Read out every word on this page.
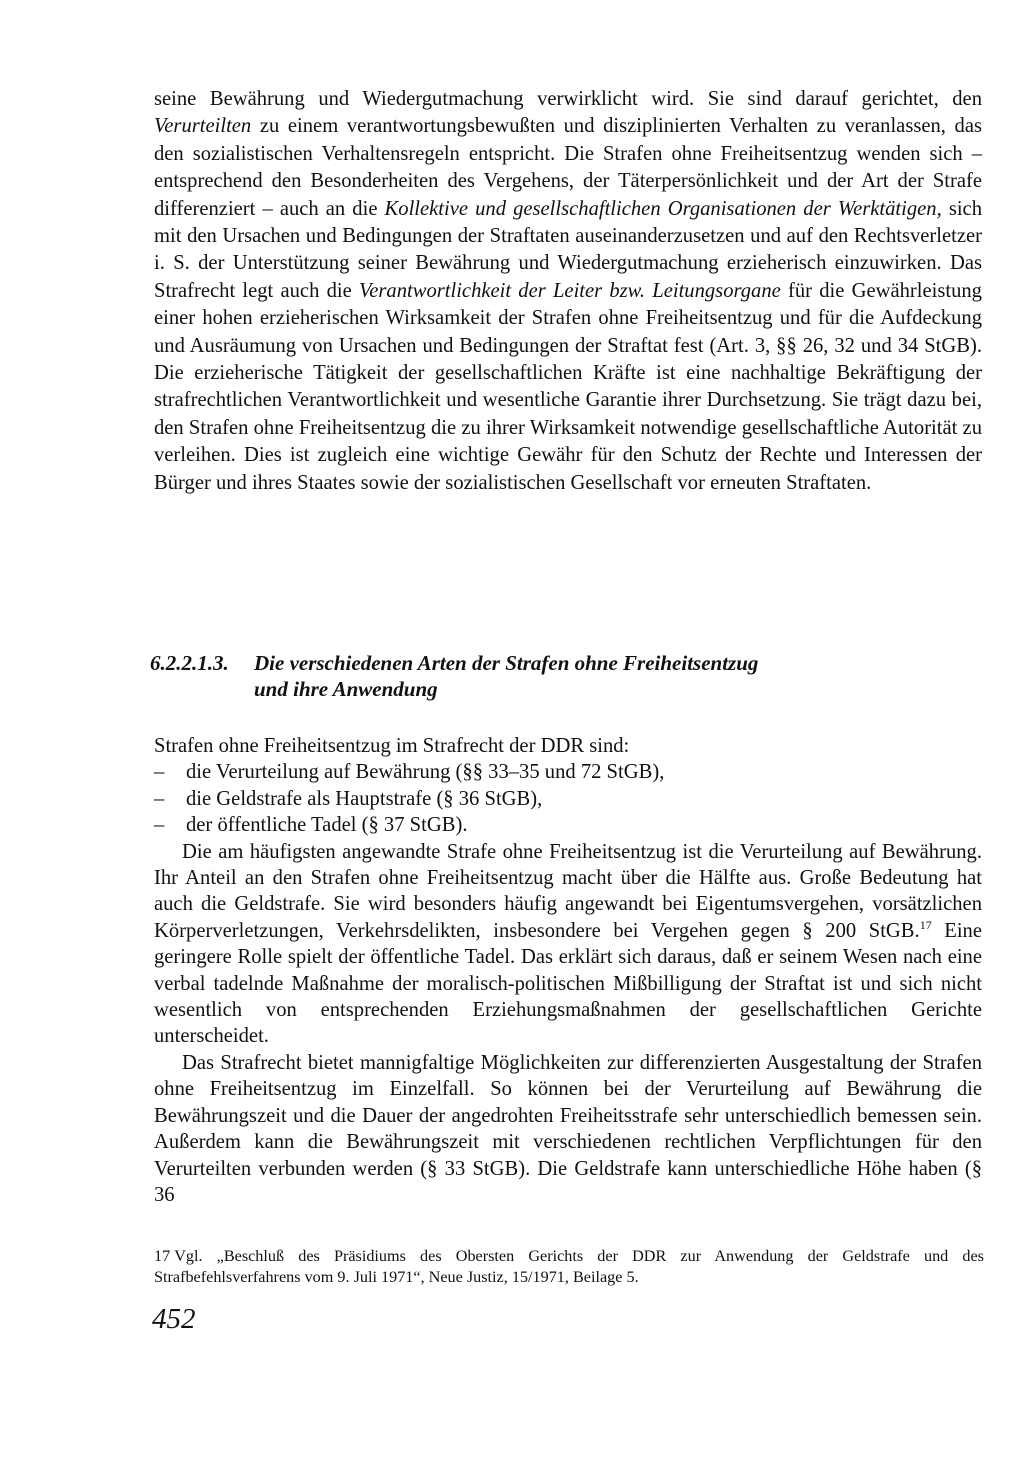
seine Bewährung und Wiedergutmachung verwirklicht wird. Sie sind darauf gerichtet, den Verurteilten zu einem verantwortungsbewußten und disziplinierten Verhalten zu veranlassen, das den sozialistischen Verhaltensregeln entspricht. Die Strafen ohne Freiheitsentzug wenden sich – entsprechend den Besonderheiten des Vergehens, der Täterpersönlichkeit und der Art der Strafe differenziert – auch an die Kollektive und gesellschaftlichen Organisationen der Werktätigen, sich mit den Ursachen und Bedingungen der Straftaten auseinanderzusetzen und auf den Rechtsverletzer i. S. der Unterstützung seiner Bewährung und Wiedergutmachung erzieherisch einzuwirken. Das Strafrecht legt auch die Verantwortlichkeit der Leiter bzw. Leitungsorgane für die Gewährleistung einer hohen erzieherischen Wirksamkeit der Strafen ohne Freiheitsentzug und für die Aufdeckung und Ausräumung von Ursachen und Bedingungen der Straftat fest (Art. 3, §§ 26, 32 und 34 StGB). Die erzieherische Tätigkeit der gesellschaftlichen Kräfte ist eine nachhaltige Bekräftigung der strafrechtlichen Verantwortlichkeit und wesentliche Garantie ihrer Durchsetzung. Sie trägt dazu bei, den Strafen ohne Freiheitsentzug die zu ihrer Wirksamkeit notwendige gesellschaftliche Autorität zu verleihen. Dies ist zugleich eine wichtige Gewähr für den Schutz der Rechte und Interessen der Bürger und ihres Staates sowie der sozialistischen Gesellschaft vor erneuten Straftaten.

6.2.2.1.3. Die verschiedenen Arten der Strafen ohne Freiheitsentzug
und ihre Anwendung

Strafen ohne Freiheitsentzug im Strafrecht der DDR sind:

–	die Verurteilung auf Bewährung (§§ 33–35 und 72 StGB),
–	die Geldstrafe als Hauptstrafe (§ 36 StGB),
–	der öffentliche Tadel (§ 37 StGB).

Die am häufigsten angewandte Strafe ohne Freiheitsentzug ist die Verurteilung auf Bewährung. Ihr Anteil an den Strafen ohne Freiheitsentzug macht über die Hälfte aus. Große Bedeutung hat auch die Geldstrafe. Sie wird besonders häufig angewandt bei Eigentumsvergehen, vorsätzlichen Körperverletzungen, Verkehrsdelikten, insbesondere bei Vergehen gegen § 200 StGB.$^{17}$ Eine geringere Rolle spielt der öffentliche Tadel. Das erklärt sich daraus, daß er seinem Wesen nach eine verbal tadelnde Maßnahme der moralisch-politischen Mißbilligung der Straftat ist und sich nicht wesentlich von entsprechenden Erziehungsmaßnahmen der gesellschaftlichen Gerichte unterscheidet.

Das Strafrecht bietet mannigfaltige Möglichkeiten zur differenzierten Ausgestaltung der Strafen ohne Freiheitsentzug im Einzelfall. So können bei der Verurteilung auf Bewährung die Bewährungszeit und die Dauer der angedrohten Freiheitsstrafe sehr unterschiedlich bemessen sein. Außerdem kann die Bewährungszeit mit verschiedenen rechtlichen Verpflichtungen für den Verurteilten verbunden werden (§ 33 StGB). Die Geldstrafe kann unterschiedliche Höhe haben (§ 36

17 Vgl. „Beschluß des Präsidiums des Obersten Gerichts der DDR zur Anwendung der Geldstrafe und des Strafbefehlsverfahrens vom 9. Juli 1971“, Neue Justiz, 15/1971, Beilage 5.

452
